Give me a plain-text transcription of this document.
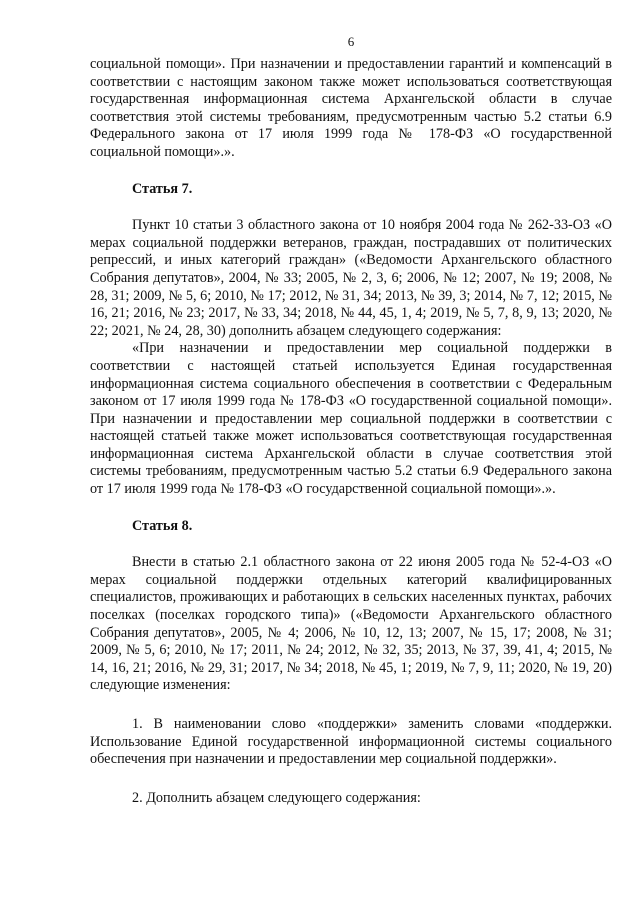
6

социальной помощи». При назначении и предоставлении гарантий и компенсаций в соответствии с настоящим законом также может использоваться соответствующая государственная информационная система Архангельской области в случае соответствия этой системы требованиям, предусмотренным частью 5.2 статьи 6.9 Федерального закона от 17 июля 1999 года № 178-ФЗ «О государственной социальной помощи».».

Статья 7.

Пункт 10 статьи 3 областного закона от 10 ноября 2004 года № 262-33-ОЗ «О мерах социальной поддержки ветеранов, граждан, пострадавших от политических репрессий, и иных категорий граждан» («Ведомости Архангельского областного Собрания депутатов», 2004, № 33; 2005, № 2, 3, 6; 2006, № 12; 2007, № 19; 2008, № 28, 31; 2009, № 5, 6; 2010, № 17; 2012, № 31, 34; 2013, № 39, 3; 2014, № 7, 12; 2015, № 16, 21; 2016, № 23; 2017, № 33, 34; 2018, № 44, 45, 1, 4; 2019, № 5, 7, 8, 9, 13; 2020, № 22; 2021, № 24, 28, 30) дополнить абзацем следующего содержания:

«При назначении и предоставлении мер социальной поддержки в соответствии с настоящей статьей используется Единая государственная информационная система социального обеспечения в соответствии с Федеральным законом от 17 июля 1999 года № 178-ФЗ «О государственной социальной помощи». При назначении и предоставлении мер социальной поддержки в соответствии с настоящей статьей также может использоваться соответствующая государственная информационная система Архангельской области в случае соответствия этой системы требованиям, предусмотренным частью 5.2 статьи 6.9 Федерального закона от 17 июля 1999 года № 178-ФЗ «О государственной социальной помощи».».

Статья 8.

Внести в статью 2.1 областного закона от 22 июня 2005 года № 52-4-ОЗ «О мерах социальной поддержки отдельных категорий квалифицированных специалистов, проживающих и работающих в сельских населенных пунктах, рабочих поселках (поселках городского типа)» («Ведомости Архангельского областного Собрания депутатов», 2005, № 4; 2006, № 10, 12, 13; 2007, № 15, 17; 2008, № 31; 2009, № 5, 6; 2010, № 17; 2011, № 24; 2012, № 32, 35; 2013, № 37, 39, 41, 4; 2015, № 14, 16, 21; 2016, № 29, 31; 2017, № 34; 2018, № 45, 1; 2019, № 7, 9, 11; 2020, № 19, 20) следующие изменения:

1. В наименовании слово «поддержки» заменить словами «поддержки. Использование Единой государственной информационной системы социального обеспечения при назначении и предоставлении мер социальной поддержки».

2. Дополнить абзацем следующего содержания:
